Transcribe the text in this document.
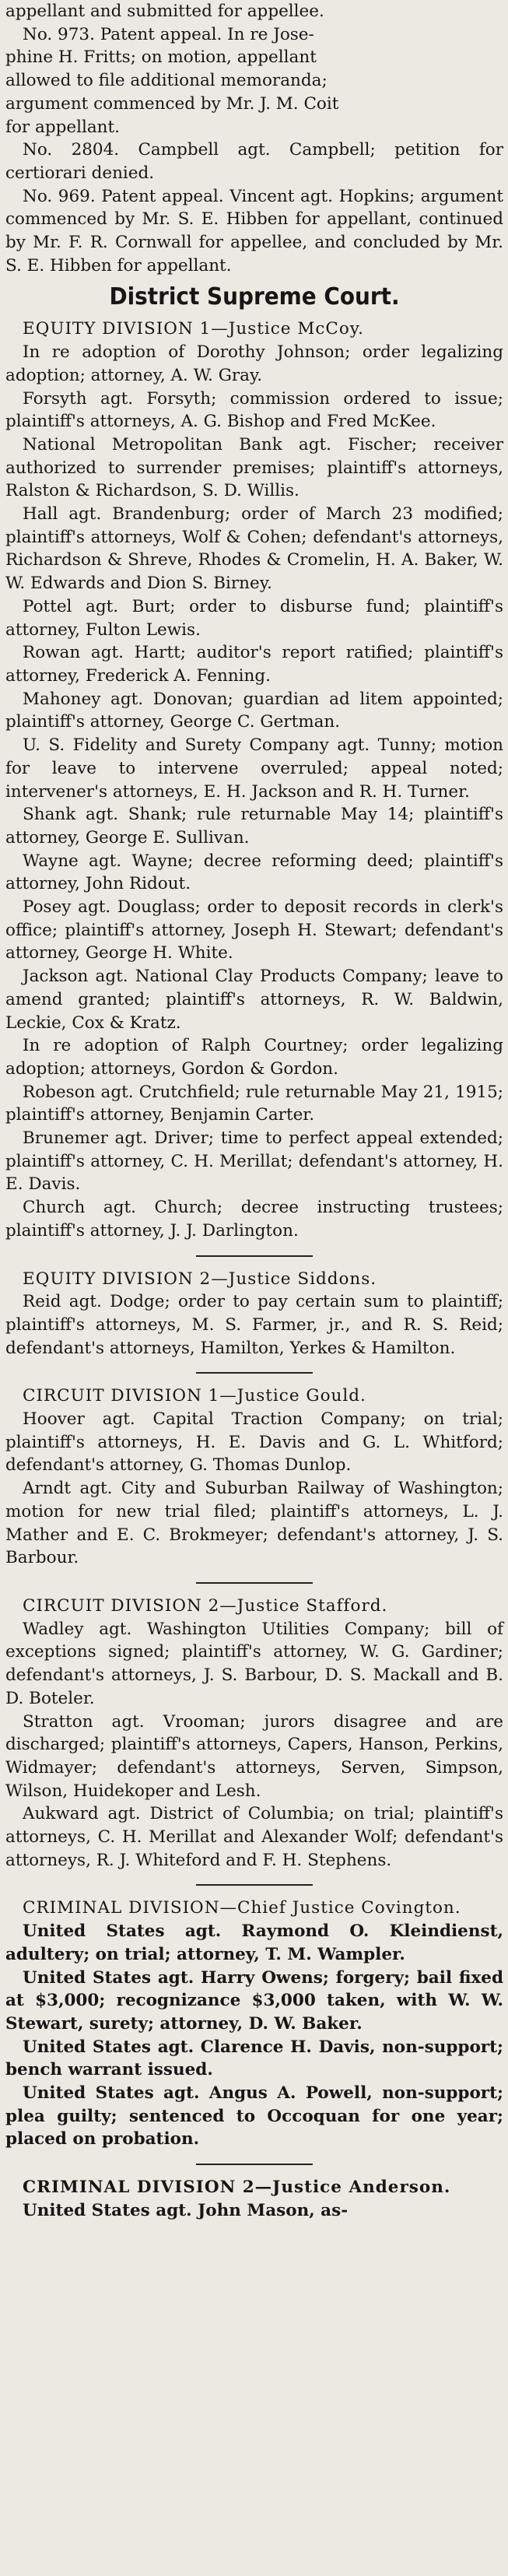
appellant and submitted for appellee.

No. 973. Patent appeal. In re Jose-

phine H. Fritts; on motion, appellant

allowed to file additional memoranda;

argument commenced by Mr. J. M. Coit

for appellant.

No. 2804. Campbell agt. Campbell; petition for certiorari denied.

No. 969. Patent appeal. Vincent agt. Hopkins; argument commenced by Mr. S. E. Hibben for appellant, continued by Mr. F. R. Cornwall for appellee, and concluded by Mr. S. E. Hibben for appellant.

District Supreme Court.

EQUITY DIVISION 1—Justice McCoy.

In re adoption of Dorothy Johnson; order legalizing adoption; attorney, A. W. Gray.

Forsyth agt. Forsyth; commission ordered to issue; plaintiff's attorneys, A. G. Bishop and Fred McKee.

National Metropolitan Bank agt. Fischer; receiver authorized to surrender premises; plaintiff's attorneys, Ralston & Richardson, S. D. Willis.

Hall agt. Brandenburg; order of March 23 modified; plaintiff's attorneys, Wolf & Cohen; defendant's attorneys, Richardson & Shreve, Rhodes & Cromelin, H. A. Baker, W. W. Edwards and Dion S. Birney.

Pottel agt. Burt; order to disburse fund; plaintiff's attorney, Fulton Lewis.

Rowan agt. Hartt; auditor's report ratified; plaintiff's attorney, Frederick A. Fenning.

Mahoney agt. Donovan; guardian ad litem appointed; plaintiff's attorney, George C. Gertman.

U. S. Fidelity and Surety Company agt. Tunny; motion for leave to intervene overruled; appeal noted; intervener's attorneys, E. H. Jackson and R. H. Turner.

Shank agt. Shank; rule returnable May 14; plaintiff's attorney, George E. Sullivan.

Wayne agt. Wayne; decree reforming deed; plaintiff's attorney, John Ridout.

Posey agt. Douglass; order to deposit records in clerk's office; plaintiff's attorney, Joseph H. Stewart; defendant's attorney, George H. White.

Jackson agt. National Clay Products Company; leave to amend granted; plaintiff's attorneys, R. W. Baldwin, Leckie, Cox & Kratz.

In re adoption of Ralph Courtney; order legalizing adoption; attorneys, Gordon & Gordon.

Robeson agt. Crutchfield; rule returnable May 21, 1915; plaintiff's attorney, Benjamin Carter.

Brunemer agt. Driver; time to perfect appeal extended; plaintiff's attorney, C. H. Merillat; defendant's attorney, H. E. Davis.

Church agt. Church; decree instructing trustees; plaintiff's attorney, J. J. Darlington.

EQUITY DIVISION 2—Justice Siddons.

Reid agt. Dodge; order to pay certain sum to plaintiff; plaintiff's attorneys, M. S. Farmer, jr., and R. S. Reid; defendant's attorneys, Hamilton, Yerkes & Hamilton.

CIRCUIT DIVISION 1—Justice Gould.

Hoover agt. Capital Traction Company; on trial; plaintiff's attorneys, H. E. Davis and G. L. Whitford; defendant's attorney, G. Thomas Dunlop.

Arndt agt. City and Suburban Railway of Washington; motion for new trial filed; plaintiff's attorneys, L. J. Mather and E. C. Brokmeyer; defendant's attorney, J. S. Barbour.

CIRCUIT DIVISION 2—Justice Stafford.

Wadley agt. Washington Utilities Company; bill of exceptions signed; plaintiff's attorney, W. G. Gardiner; defendant's attorneys, J. S. Barbour, D. S. Mackall and B. D. Boteler.

Stratton agt. Vrooman; jurors disagree and are discharged; plaintiff's attorneys, Capers, Hanson, Perkins, Widmayer; defendant's attorneys, Serven, Simpson, Wilson, Huidekoper and Lesh.

Aukward agt. District of Columbia; on trial; plaintiff's attorneys, C. H. Merillat and Alexander Wolf; defendant's attorneys, R. J. Whiteford and F. H. Stephens.

CRIMINAL DIVISION—Chief Justice Covington.

United States agt. Raymond O. Kleindienst, adultery; on trial; attorney, T. M. Wampler.

United States agt. Harry Owens; forgery; bail fixed at $3,000; recognizance $3,000 taken, with W. W. Stewart, surety; attorney, D. W. Baker.

United States agt. Clarence H. Davis, non-support; bench warrant issued.

United States agt. Angus A. Powell, non-support; plea guilty; sentenced to Occoquan for one year; placed on probation.

CRIMINAL DIVISION 2—Justice Anderson.

United States agt. John Mason, as-
